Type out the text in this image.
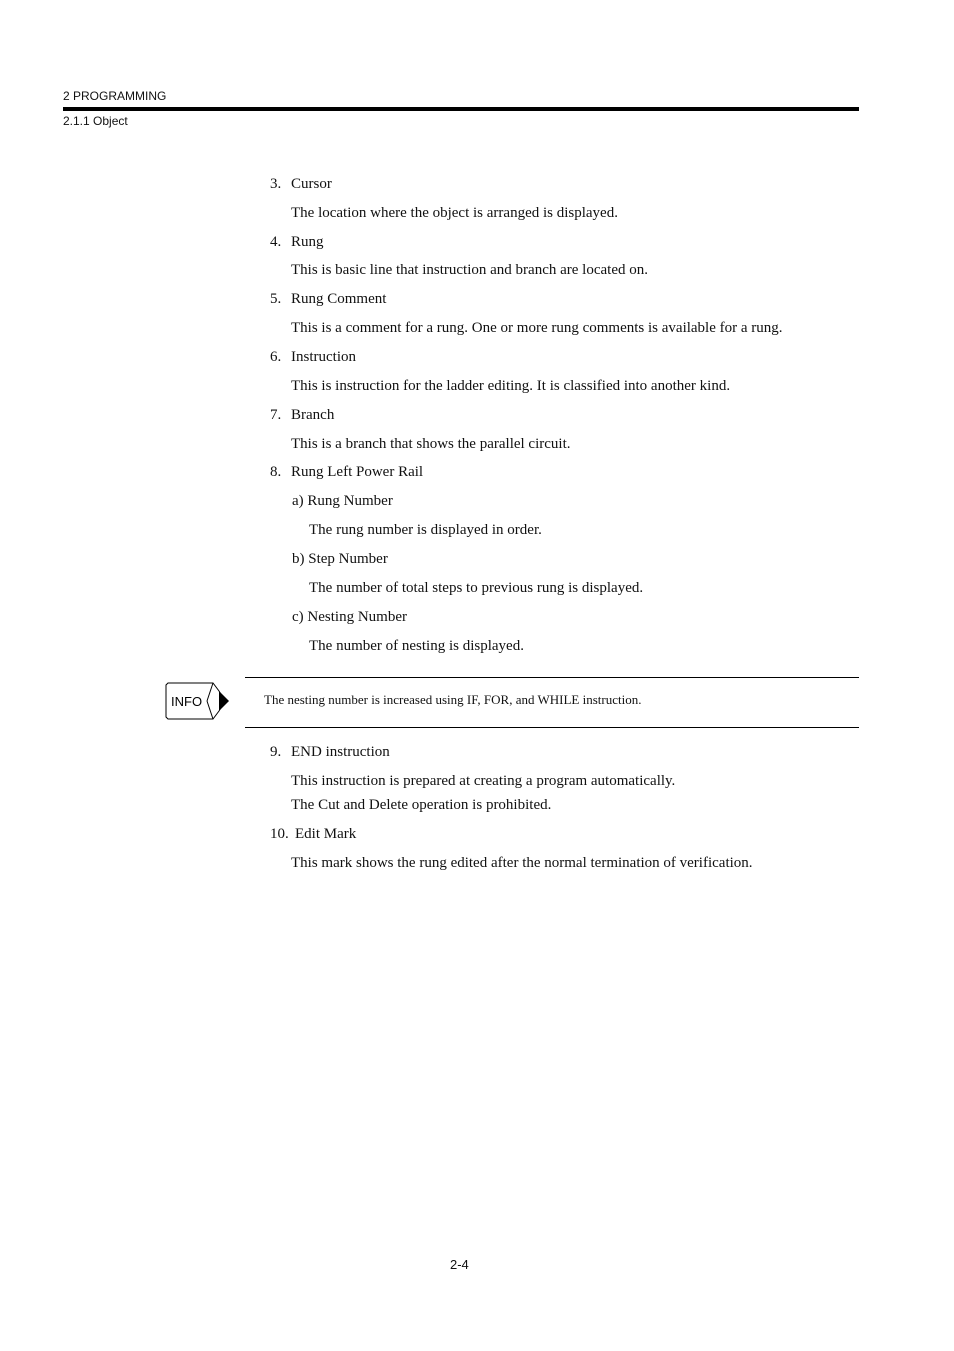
2 PROGRAMMING
2.1.1 Object
3. Cursor
The location where the object is arranged is displayed.
4. Rung
This is basic line that instruction and branch are located on.
5. Rung Comment
This is a comment for a rung. One or more rung comments is available for a rung.
6. Instruction
This is instruction for the ladder editing. It is classified into another kind.
7. Branch
This is a branch that shows the parallel circuit.
8. Rung Left Power Rail
a) Rung Number
The rung number is displayed in order.
b) Step Number
The number of total steps to previous rung is displayed.
c) Nesting Number
The number of nesting is displayed.
INFO	The nesting number is increased using IF, FOR, and WHILE instruction.
9. END instruction
This instruction is prepared at creating a program automatically.
The Cut and Delete operation is prohibited.
10. Edit Mark
This mark shows the rung edited after the normal termination of verification.
2-4
